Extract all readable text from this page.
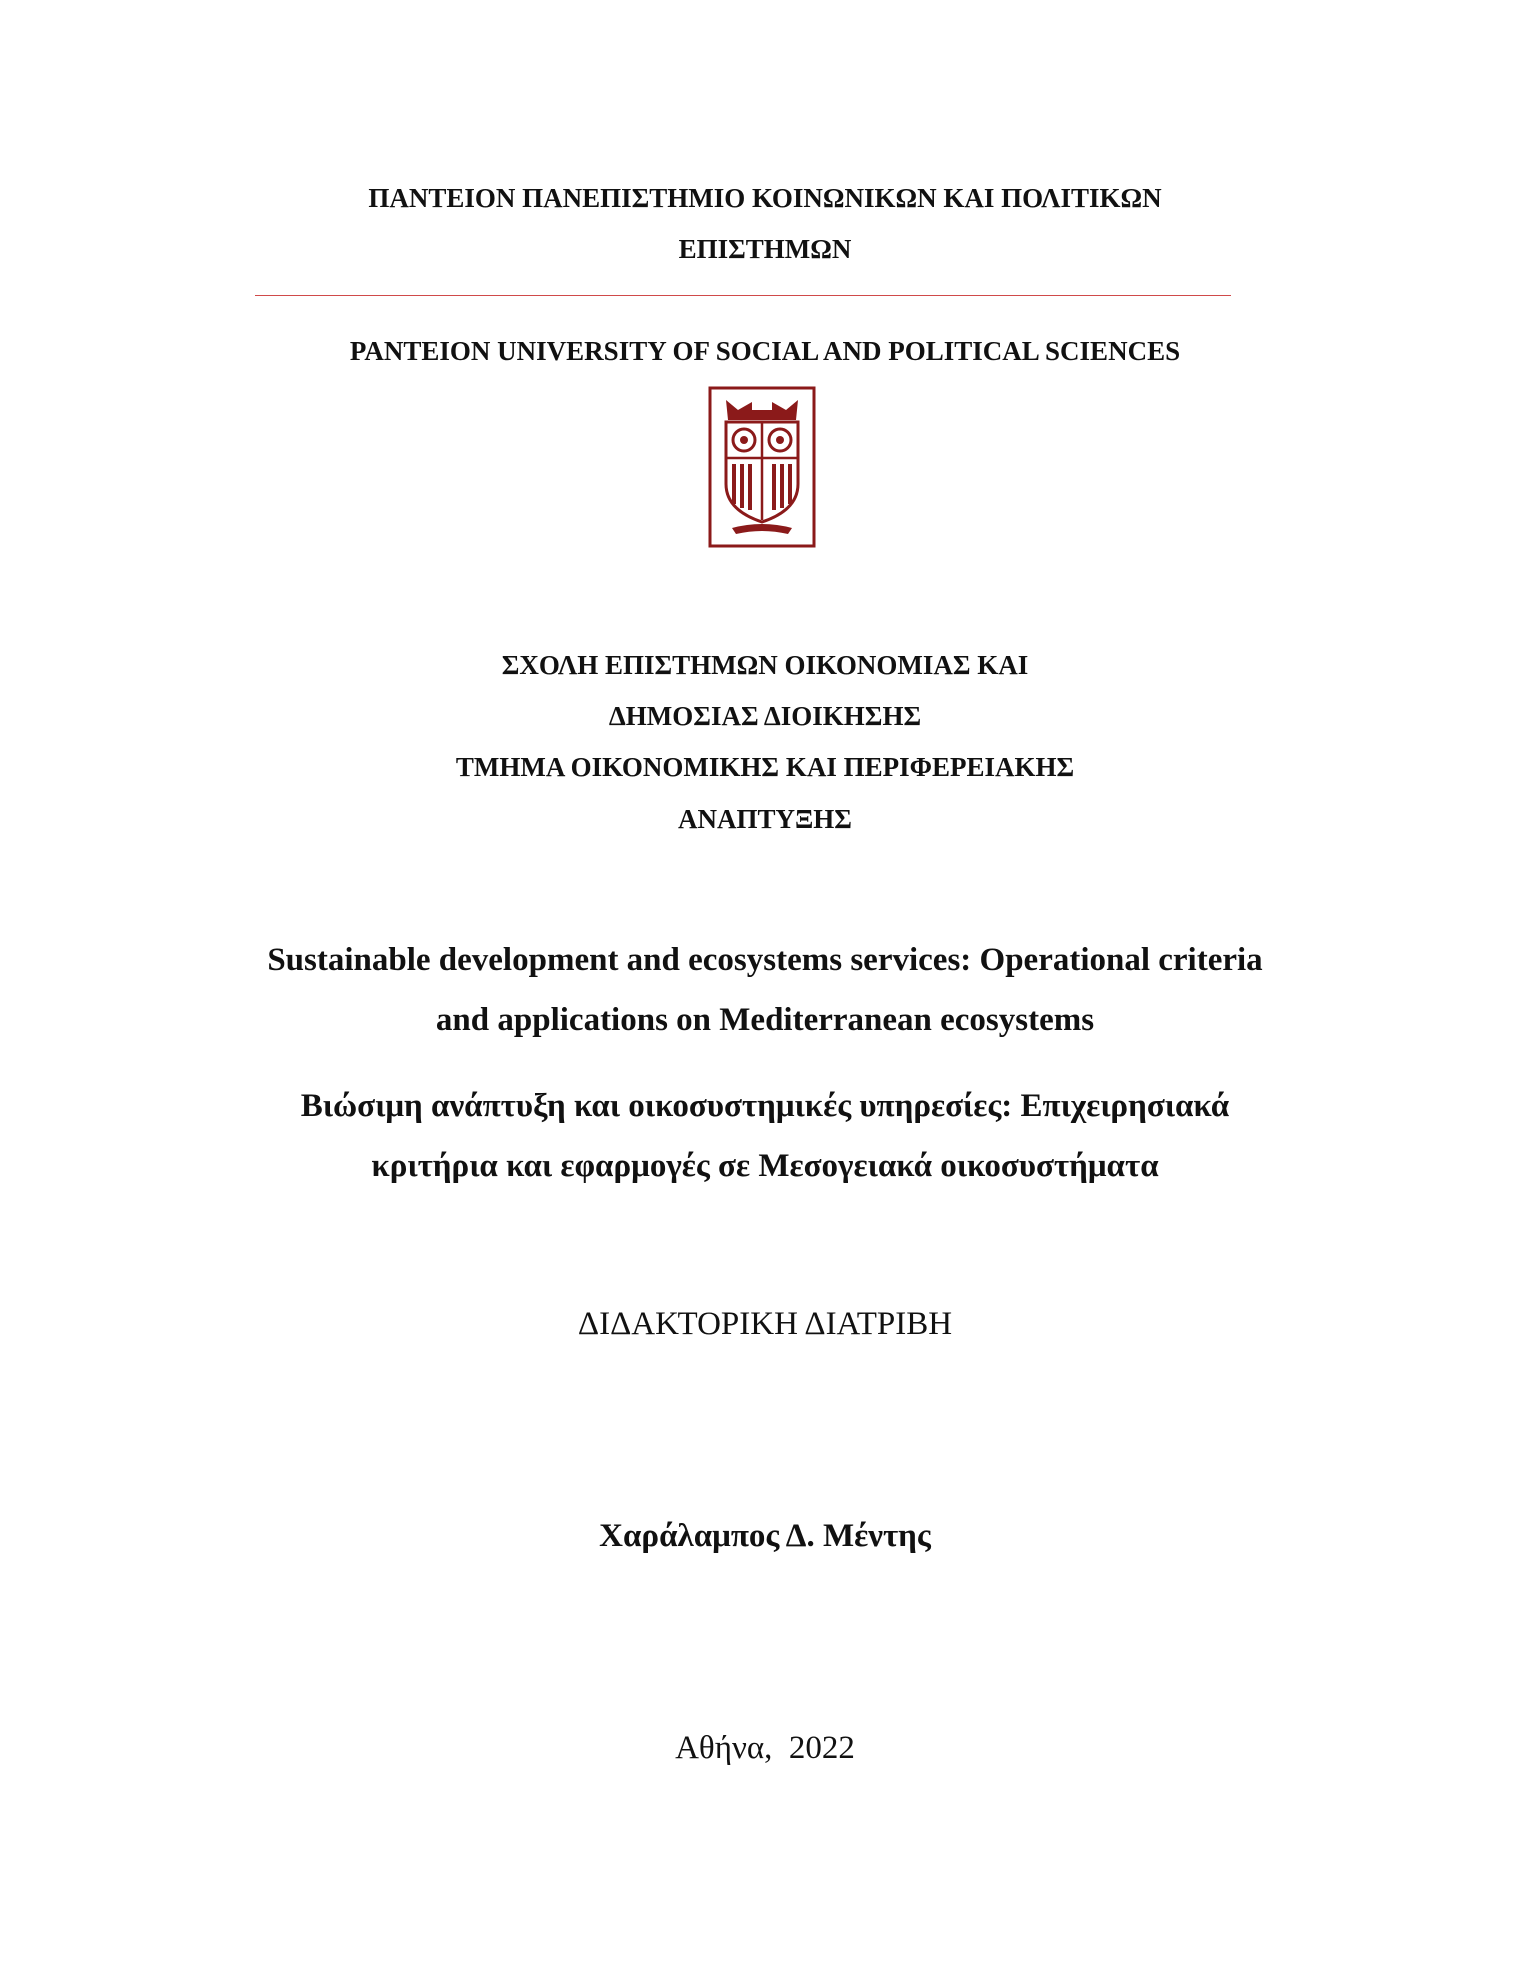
ΠΑΝΤΕΙΟΝ ΠΑΝΕΠΙΣΤΗΜΙΟ ΚΟΙΝΩΝΙΚΩΝ ΚΑΙ ΠΟΛΙΤΙΚΩΝ
ΕΠΙΣΤΗΜΩΝ
PANTEION UNIVERSITY OF SOCIAL AND POLITICAL SCIENCES
ΣΧΟΛΗ ΕΠΙΣΤΗΜΩΝ ΟΙΚΟΝΟΜΙΑΣ ΚΑΙ
ΔΗΜΟΣΙΑΣ ΔΙΟΙΚΗΣΗΣ
ΤΜΗΜΑ ΟΙΚΟΝΟΜΙΚΗΣ ΚΑΙ ΠΕΡΙΦΕΡΕΙΑΚΗΣ
ΑΝΑΠΤΥΞΗΣ
Sustainable development and ecosystems services: Operational criteria
and applications on Mediterranean ecosystems
Βιώσιμη ανάπτυξη και οικοσυστημικές υπηρεσίες: Επιχειρησιακά
κριτήρια και εφαρμογές σε Μεσογειακά οικοσυστήματα
ΔΙΔΑΚΤΟΡΙΚΗ ΔΙΑΤΡΙΒΗ
Χαράλαμπος Δ. Μέντης
Αθήνα,  2022
